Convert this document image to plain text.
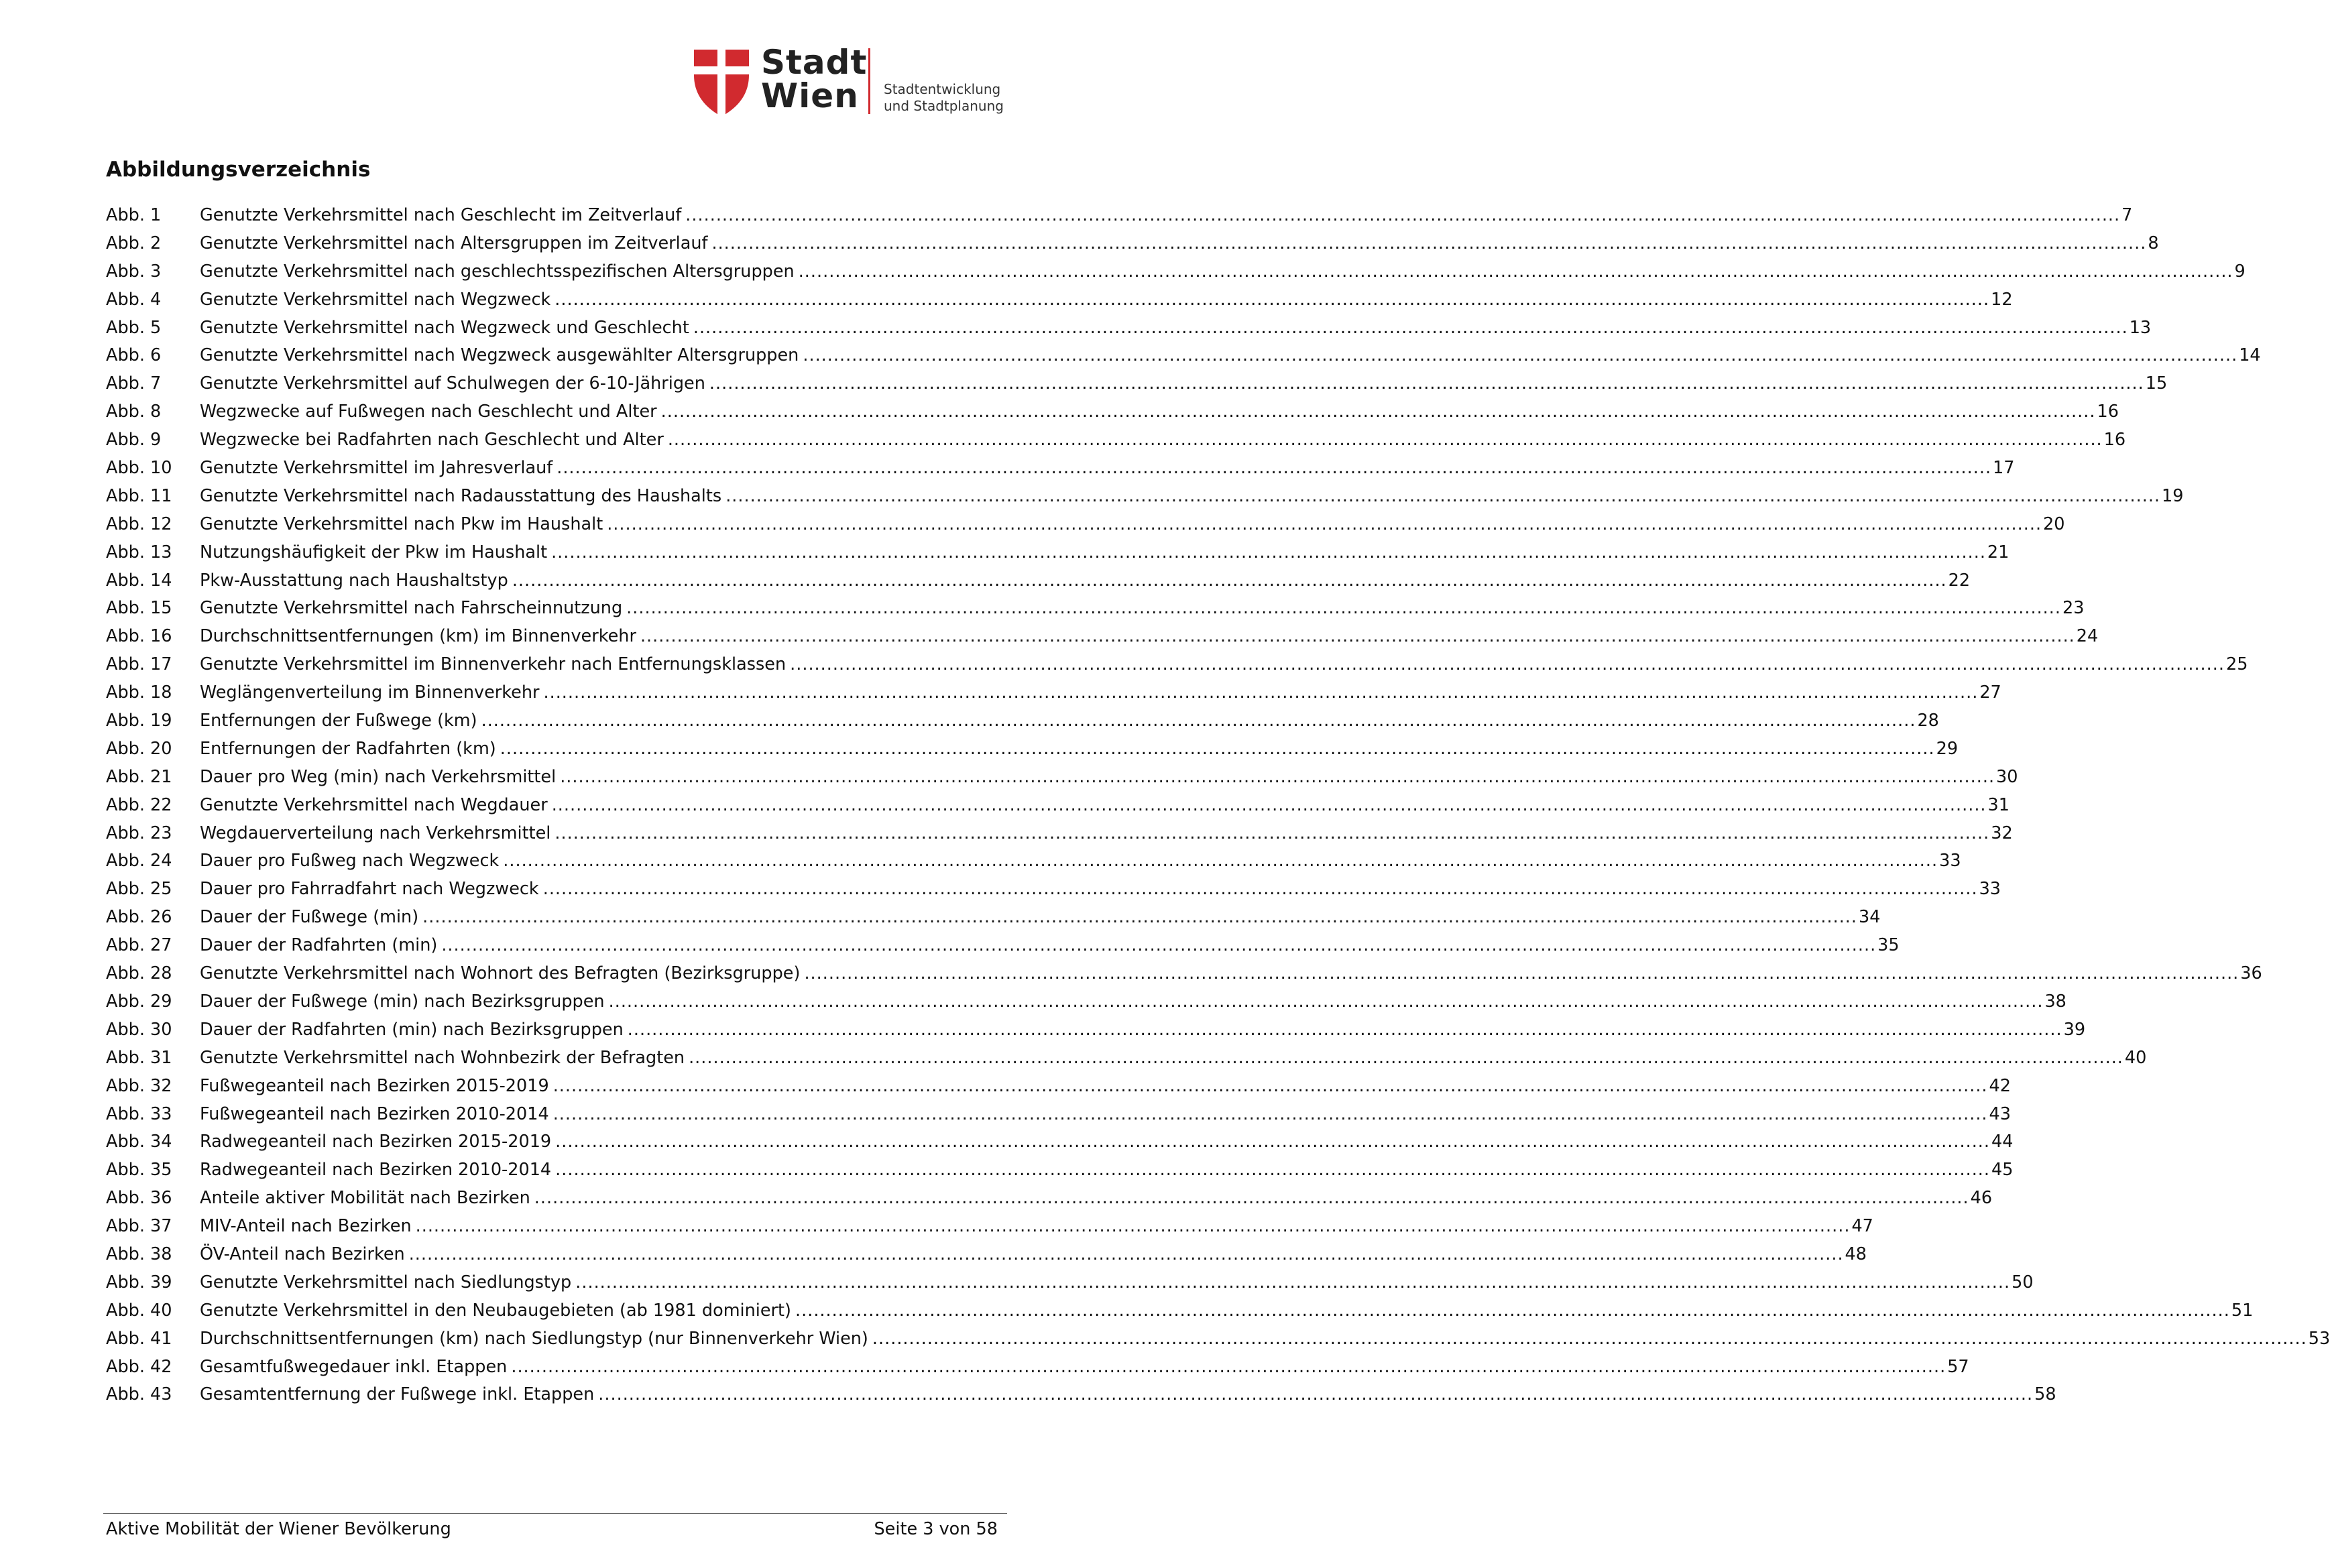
Stadt
Wien	Stadtentwicklung
und Stadtplanung
Abbildungsverzeichnis
Abb. 1	Genutzte Verkehrsmittel nach Geschlecht im Zeitverlauf .....	7
Abb. 2	Genutzte Verkehrsmittel nach Altersgruppen im Zeitverlauf .....	8
Abb. 3	Genutzte Verkehrsmittel nach geschlechtsspezifischen Altersgruppen .....	9
Abb. 4	Genutzte Verkehrsmittel nach Wegzweck .....	12
Abb. 5	Genutzte Verkehrsmittel nach Wegzweck und Geschlecht .....	13
Abb. 6	Genutzte Verkehrsmittel nach Wegzweck ausgewählter Altersgruppen .....	14
Abb. 7	Genutzte Verkehrsmittel auf Schulwegen der 6-10-Jährigen .....	15
Abb. 8	Wegzwecke auf Fußwegen nach Geschlecht und Alter .....	16
Abb. 9	Wegzwecke bei Radfahrten nach Geschlecht und Alter .....	16
Abb. 10	Genutzte Verkehrsmittel im Jahresverlauf .....	17
Abb. 11	Genutzte Verkehrsmittel nach Radausstattung des Haushalts .....	19
Abb. 12	Genutzte Verkehrsmittel nach Pkw im Haushalt .....	20
Abb. 13	Nutzungshäufigkeit der Pkw im Haushalt .....	21
Abb. 14	Pkw-Ausstattung nach Haushaltstyp .....	22
Abb. 15	Genutzte Verkehrsmittel nach Fahrscheinnutzung .....	23
Abb. 16	Durchschnittsentfernungen (km) im Binnenverkehr .....	24
Abb. 17	Genutzte Verkehrsmittel im Binnenverkehr nach Entfernungsklassen .....	25
Abb. 18	Weglängenverteilung im Binnenverkehr .....	27
Abb. 19	Entfernungen der Fußwege (km) .....	28
Abb. 20	Entfernungen der Radfahrten (km) .....	29
Abb. 21	Dauer pro Weg (min) nach Verkehrsmittel .....	30
Abb. 22	Genutzte Verkehrsmittel nach Wegdauer .....	31
Abb. 23	Wegdauerverteilung nach Verkehrsmittel .....	32
Abb. 24	Dauer pro Fußweg nach Wegzweck .....	33
Abb. 25	Dauer pro Fahrradfahrt nach Wegzweck .....	33
Abb. 26	Dauer der Fußwege (min) .....	34
Abb. 27	Dauer der Radfahrten (min) .....	35
Abb. 28	Genutzte Verkehrsmittel nach Wohnort des Befragten (Bezirksgruppe) .....	36
Abb. 29	Dauer der Fußwege (min) nach Bezirksgruppen .....	38
Abb. 30	Dauer der Radfahrten (min) nach Bezirksgruppen .....	39
Abb. 31	Genutzte Verkehrsmittel nach Wohnbezirk der Befragten .....	40
Abb. 32	Fußwegeanteil nach Bezirken 2015-2019 .....	42
Abb. 33	Fußwegeanteil nach Bezirken 2010-2014 .....	43
Abb. 34	Radwegeanteil nach Bezirken 2015-2019 .....	44
Abb. 35	Radwegeanteil nach Bezirken 2010-2014 .....	45
Abb. 36	Anteile aktiver Mobilität nach Bezirken .....	46
Abb. 37	MIV-Anteil nach Bezirken .....	47
Abb. 38	ÖV-Anteil nach Bezirken .....	48
Abb. 39	Genutzte Verkehrsmittel nach Siedlungstyp .....	50
Abb. 40	Genutzte Verkehrsmittel in den Neubaugebieten (ab 1981 dominiert) .....	51
Abb. 41	Durchschnittsentfernungen (km) nach Siedlungstyp (nur Binnenverkehr Wien) .....	53
Abb. 42	Gesamtfußwegedauer inkl. Etappen .....	57
Abb. 43	Gesamtentfernung der Fußwege inkl. Etappen .....	58
Aktive Mobilität der Wiener Bevölkerung	Seite 3 von 58
